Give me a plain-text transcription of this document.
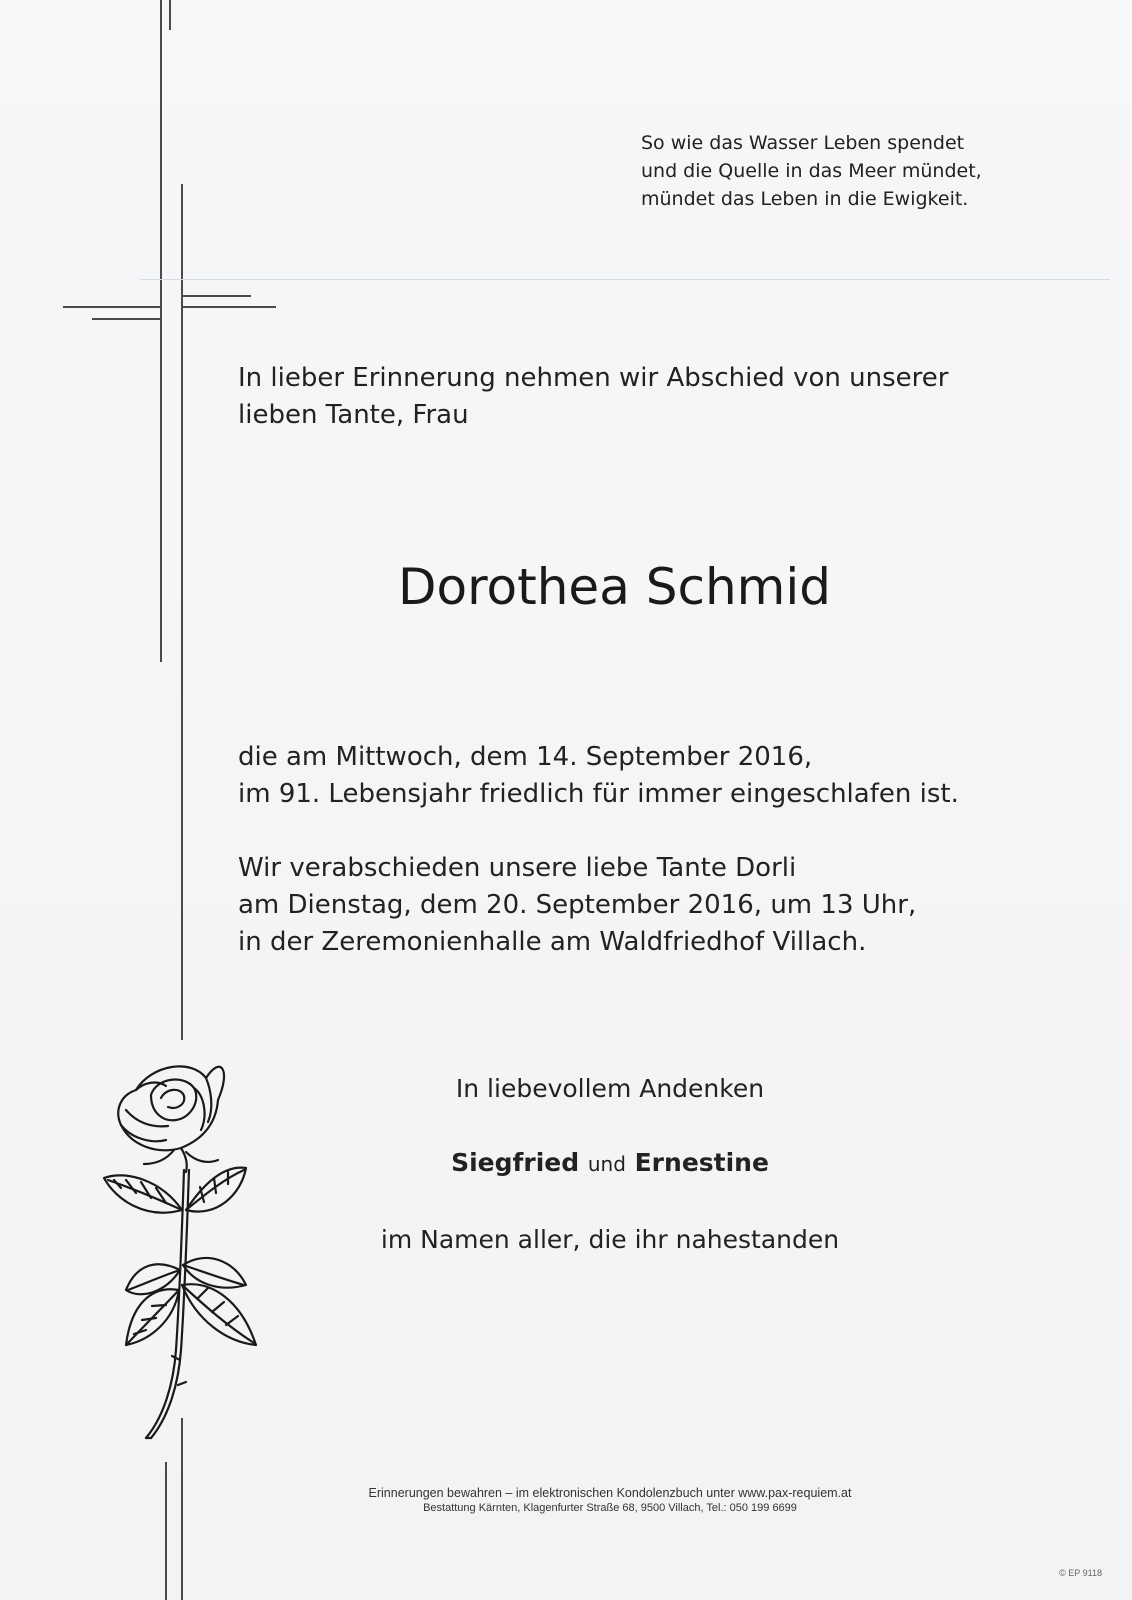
So wie das Wasser Leben spendet
und die Quelle in das Meer mündet,
mündet das Leben in die Ewigkeit.
In lieber Erinnerung nehmen wir Abschied von unserer
lieben Tante, Frau
Dorothea Schmid
die am Mittwoch, dem 14. September 2016,
im 91. Lebensjahr friedlich für immer eingeschlafen ist.
Wir verabschieden unsere liebe Tante Dorli
am Dienstag, dem 20. September 2016, um 13 Uhr,
in der Zeremonienhalle am Waldfriedhof Villach.
In liebevollem Andenken
Siegfried und Ernestine
im Namen aller, die ihr nahestanden
Erinnerungen bewahren – im elektronischen Kondolenzbuch unter www.pax-requiem.at
Bestattung Kärnten, Klagenfurter Straße 68, 9500 Villach, Tel.: 050 199 6699
© EP 9118
